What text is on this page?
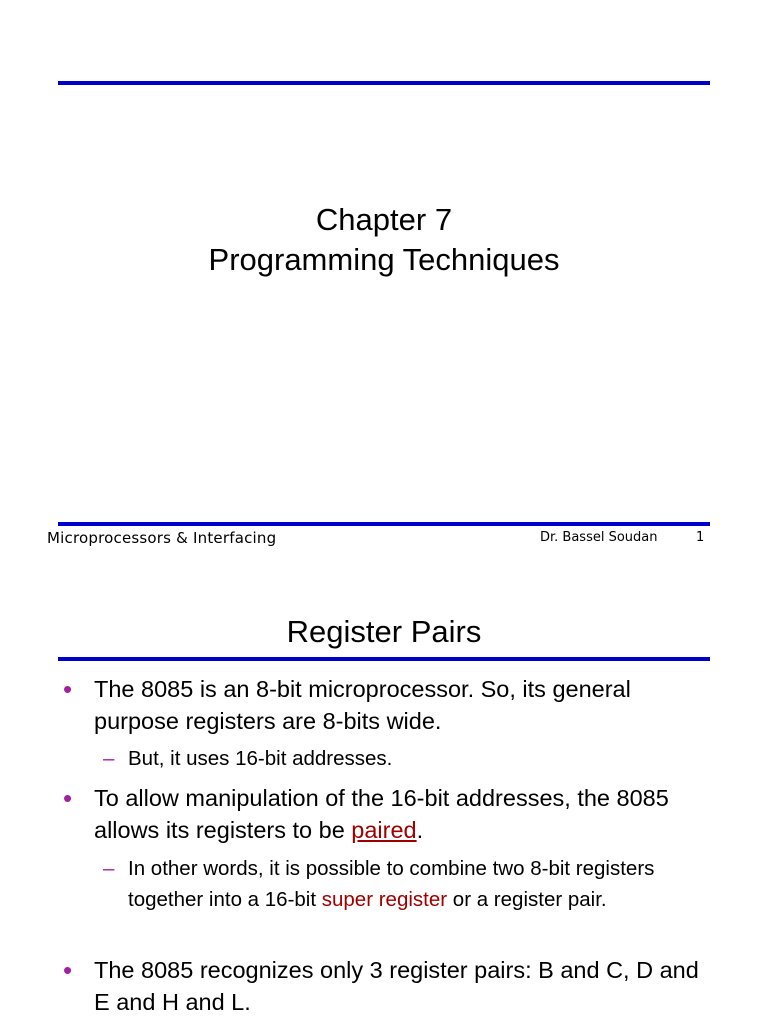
Chapter 7
Programming Techniques
Microprocessors & Interfacing	Dr. Bassel Soudan	1
Register Pairs
• The 8085 is an 8-bit microprocessor. So, its general purpose registers are 8-bits wide.
– But, it uses 16-bit addresses.
• To allow manipulation of the 16-bit addresses, the 8085 allows its registers to be paired.
– In other words, it is possible to combine two 8-bit registers together into a 16-bit super register or a register pair.
• The 8085 recognizes only 3 register pairs: B and C, D and E and H and L.
